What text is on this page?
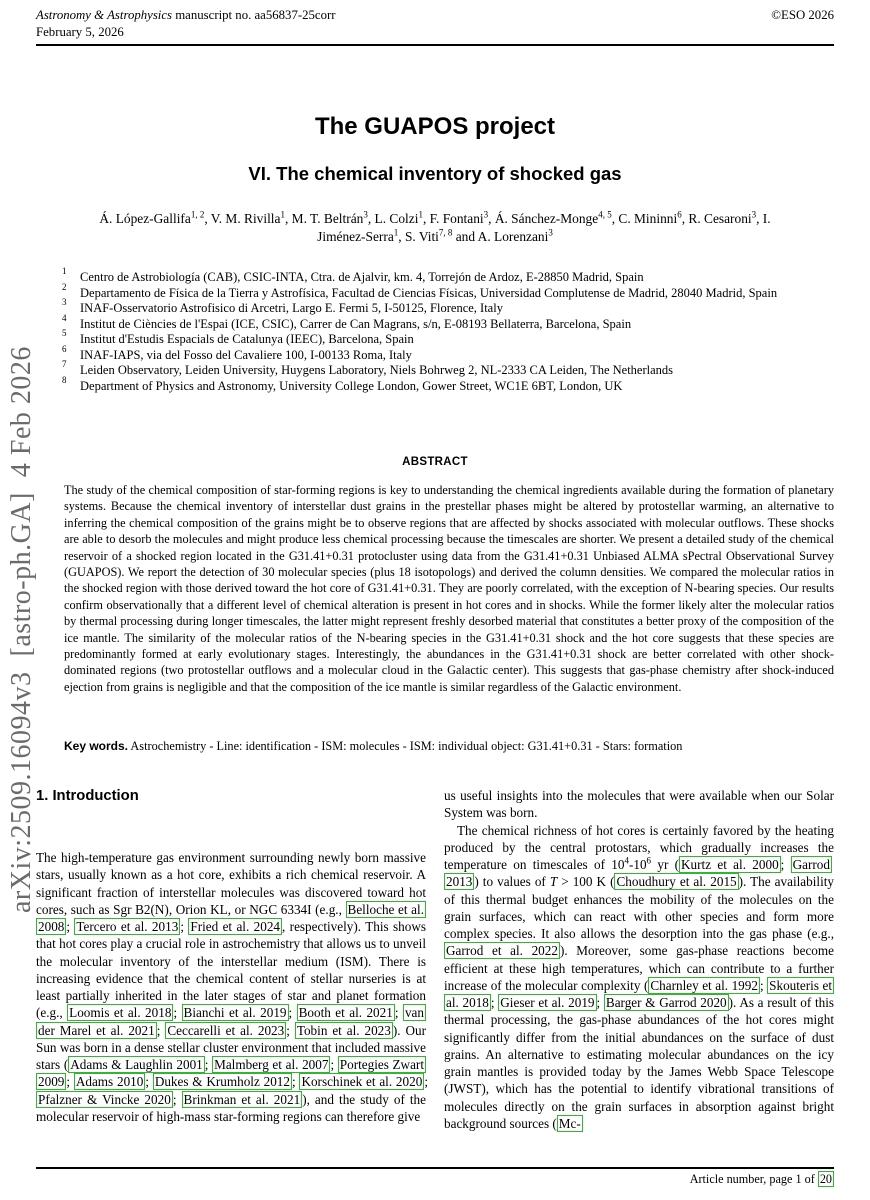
Astronomy & Astrophysics manuscript no. aa56837-25corr
February 5, 2026
©ESO 2026
arXiv:2509.16094v3  [astro-ph.GA]  4 Feb 2026
The GUAPOS project
VI. The chemical inventory of shocked gas

Á. López-Gallifa$^{1, 2}$, V. M. Rivilla$^1$, M. T. Beltrán$^3$, L. Colzi$^1$, F. Fontani$^3$, Á. Sánchez-Monge$^{4, 5}$, C. Mininni$^6$, R. Cesaroni$^3$, I. Jiménez-Serra$^1$, S. Viti$^{7, 8}$ and A. Lorenzani$^3$

1	Centro de Astrobiología (CAB), CSIC-INTA, Ctra. de Ajalvir, km. 4, Torrejón de Ardoz, E-28850 Madrid, Spain
2	Departamento de Física de la Tierra y Astrofísica, Facultad de Ciencias Físicas, Universidad Complutense de Madrid, 28040 Madrid, Spain
3	INAF-Osservatorio Astrofisico di Arcetri, Largo E. Fermi 5, I-50125, Florence, Italy
4	Institut de Ciències de l'Espai (ICE, CSIC), Carrer de Can Magrans, s/n, E-08193 Bellaterra, Barcelona, Spain
5	Institut d'Estudis Espacials de Catalunya (IEEC), Barcelona, Spain
6	INAF-IAPS, via del Fosso del Cavaliere 100, I-00133 Roma, Italy
7	Leiden Observatory, Leiden University, Huygens Laboratory, Niels Bohrweg 2, NL-2333 CA Leiden, The Netherlands
8	Department of Physics and Astronomy, University College London, Gower Street, WC1E 6BT, London, UK
ABSTRACT

The study of the chemical composition of star-forming regions is key to understanding the chemical ingredients available during the formation of planetary systems. Because the chemical inventory of interstellar dust grains in the prestellar phases might be altered by protostellar warming, an alternative to inferring the chemical composition of the grains might be to observe regions that are affected by shocks associated with molecular outflows. These shocks are able to desorb the molecules and might produce less chemical processing because the timescales are shorter. We present a detailed study of the chemical reservoir of a shocked region located in the G31.41+0.31 protocluster using data from the G31.41+0.31 Unbiased ALMA sPectral Observational Survey (GUAPOS). We report the detection of 30 molecular species (plus 18 isotopologs) and derived the column densities. We compared the molecular ratios in the shocked region with those derived toward the hot core of G31.41+0.31. They are poorly correlated, with the exception of N-bearing species. Our results confirm observationally that a different level of chemical alteration is present in hot cores and in shocks. While the former likely alter the molecular ratios by thermal processing during longer timescales, the latter might represent freshly desorbed material that constitutes a better proxy of the composition of the ice mantle. The similarity of the molecular ratios of the N-bearing species in the G31.41+0.31 shock and the hot core suggests that these species are predominantly formed at early evolutionary stages. Interestingly, the abundances in the G31.41+0.31 shock are better correlated with other shock-dominated regions (two protostellar outflows and a molecular cloud in the Galactic center). This suggests that gas-phase chemistry after shock-induced ejection from grains is negligible and that the composition of the ice mantle is similar regardless of the Galactic environment.

Key words. Astrochemistry - Line: identification - ISM: molecules - ISM: individual object: G31.41+0.31 - Stars: formation

1. Introduction

The high-temperature gas environment surrounding newly born massive stars, usually known as a hot core, exhibits a rich chemical reservoir. A significant fraction of interstellar molecules was discovered toward hot cores, such as Sgr B2(N), Orion KL, or NGC 6334I (e.g., Belloche et al. 2008 ; Tercero et al. 2013 ; Fried et al. 2024 , respectively). This shows that hot cores play a crucial role in astrochemistry that allows us to unveil the molecular inventory of the interstellar medium (ISM). There is increasing evidence that the chemical content of stellar nurseries is at least partially inherited in the later stages of star and planet formation (e.g., Loomis et al. 2018 ; Bianchi et al. 2019 ; Booth et al. 2021 ; van der Marel et al. 2021 ; Ceccarelli et al. 2023 ; Tobin et al. 2023 ). Our Sun was born in a dense stellar cluster environment that included massive stars ( Adams & Laughlin 2001 ; Malmberg et al. 2007 ; Portegies Zwart 2009 ; Adams 2010 ; Dukes & Krumholz 2012 ; Korschinek et al. 2020 ; Pfalzner & Vincke 2020 ; Brinkman et al. 2021 ), and the study of the molecular reservoir of high-mass star-forming regions can therefore give

us useful insights into the molecules that were available when our Solar System was born.

The chemical richness of hot cores is certainly favored by the heating produced by the central protostars, which gradually increases the temperature on timescales of $10^4-10^6$ yr ( Kurtz et al. 2000 ; Garrod 2013 ) to values of T > 100 K ( Choudhury et al. 2015 ). The availability of this thermal budget enhances the mobility of the molecules on the grain surfaces, which can react with other species and form more complex species. It also allows the desorption into the gas phase (e.g., Garrod et al. 2022 ). Moreover, some gas-phase reactions become efficient at these high temperatures, which can contribute to a further increase of the molecular complexity ( Charnley et al. 1992 ; Skouteris et al. 2018 ; Gieser et al. 2019 ; Barger & Garrod 2020 ). As a result of this thermal processing, the gas-phase abundances of the hot cores might significantly differ from the initial abundances on the surface of dust grains. An alternative to estimating molecular abundances on the icy grain mantles is provided today by the James Webb Space Telescope (JWST), which has the potential to identify vibrational transitions of molecules directly on the grain surfaces in absorption against bright background sources ( Mc-

Article number, page 1 of 20
